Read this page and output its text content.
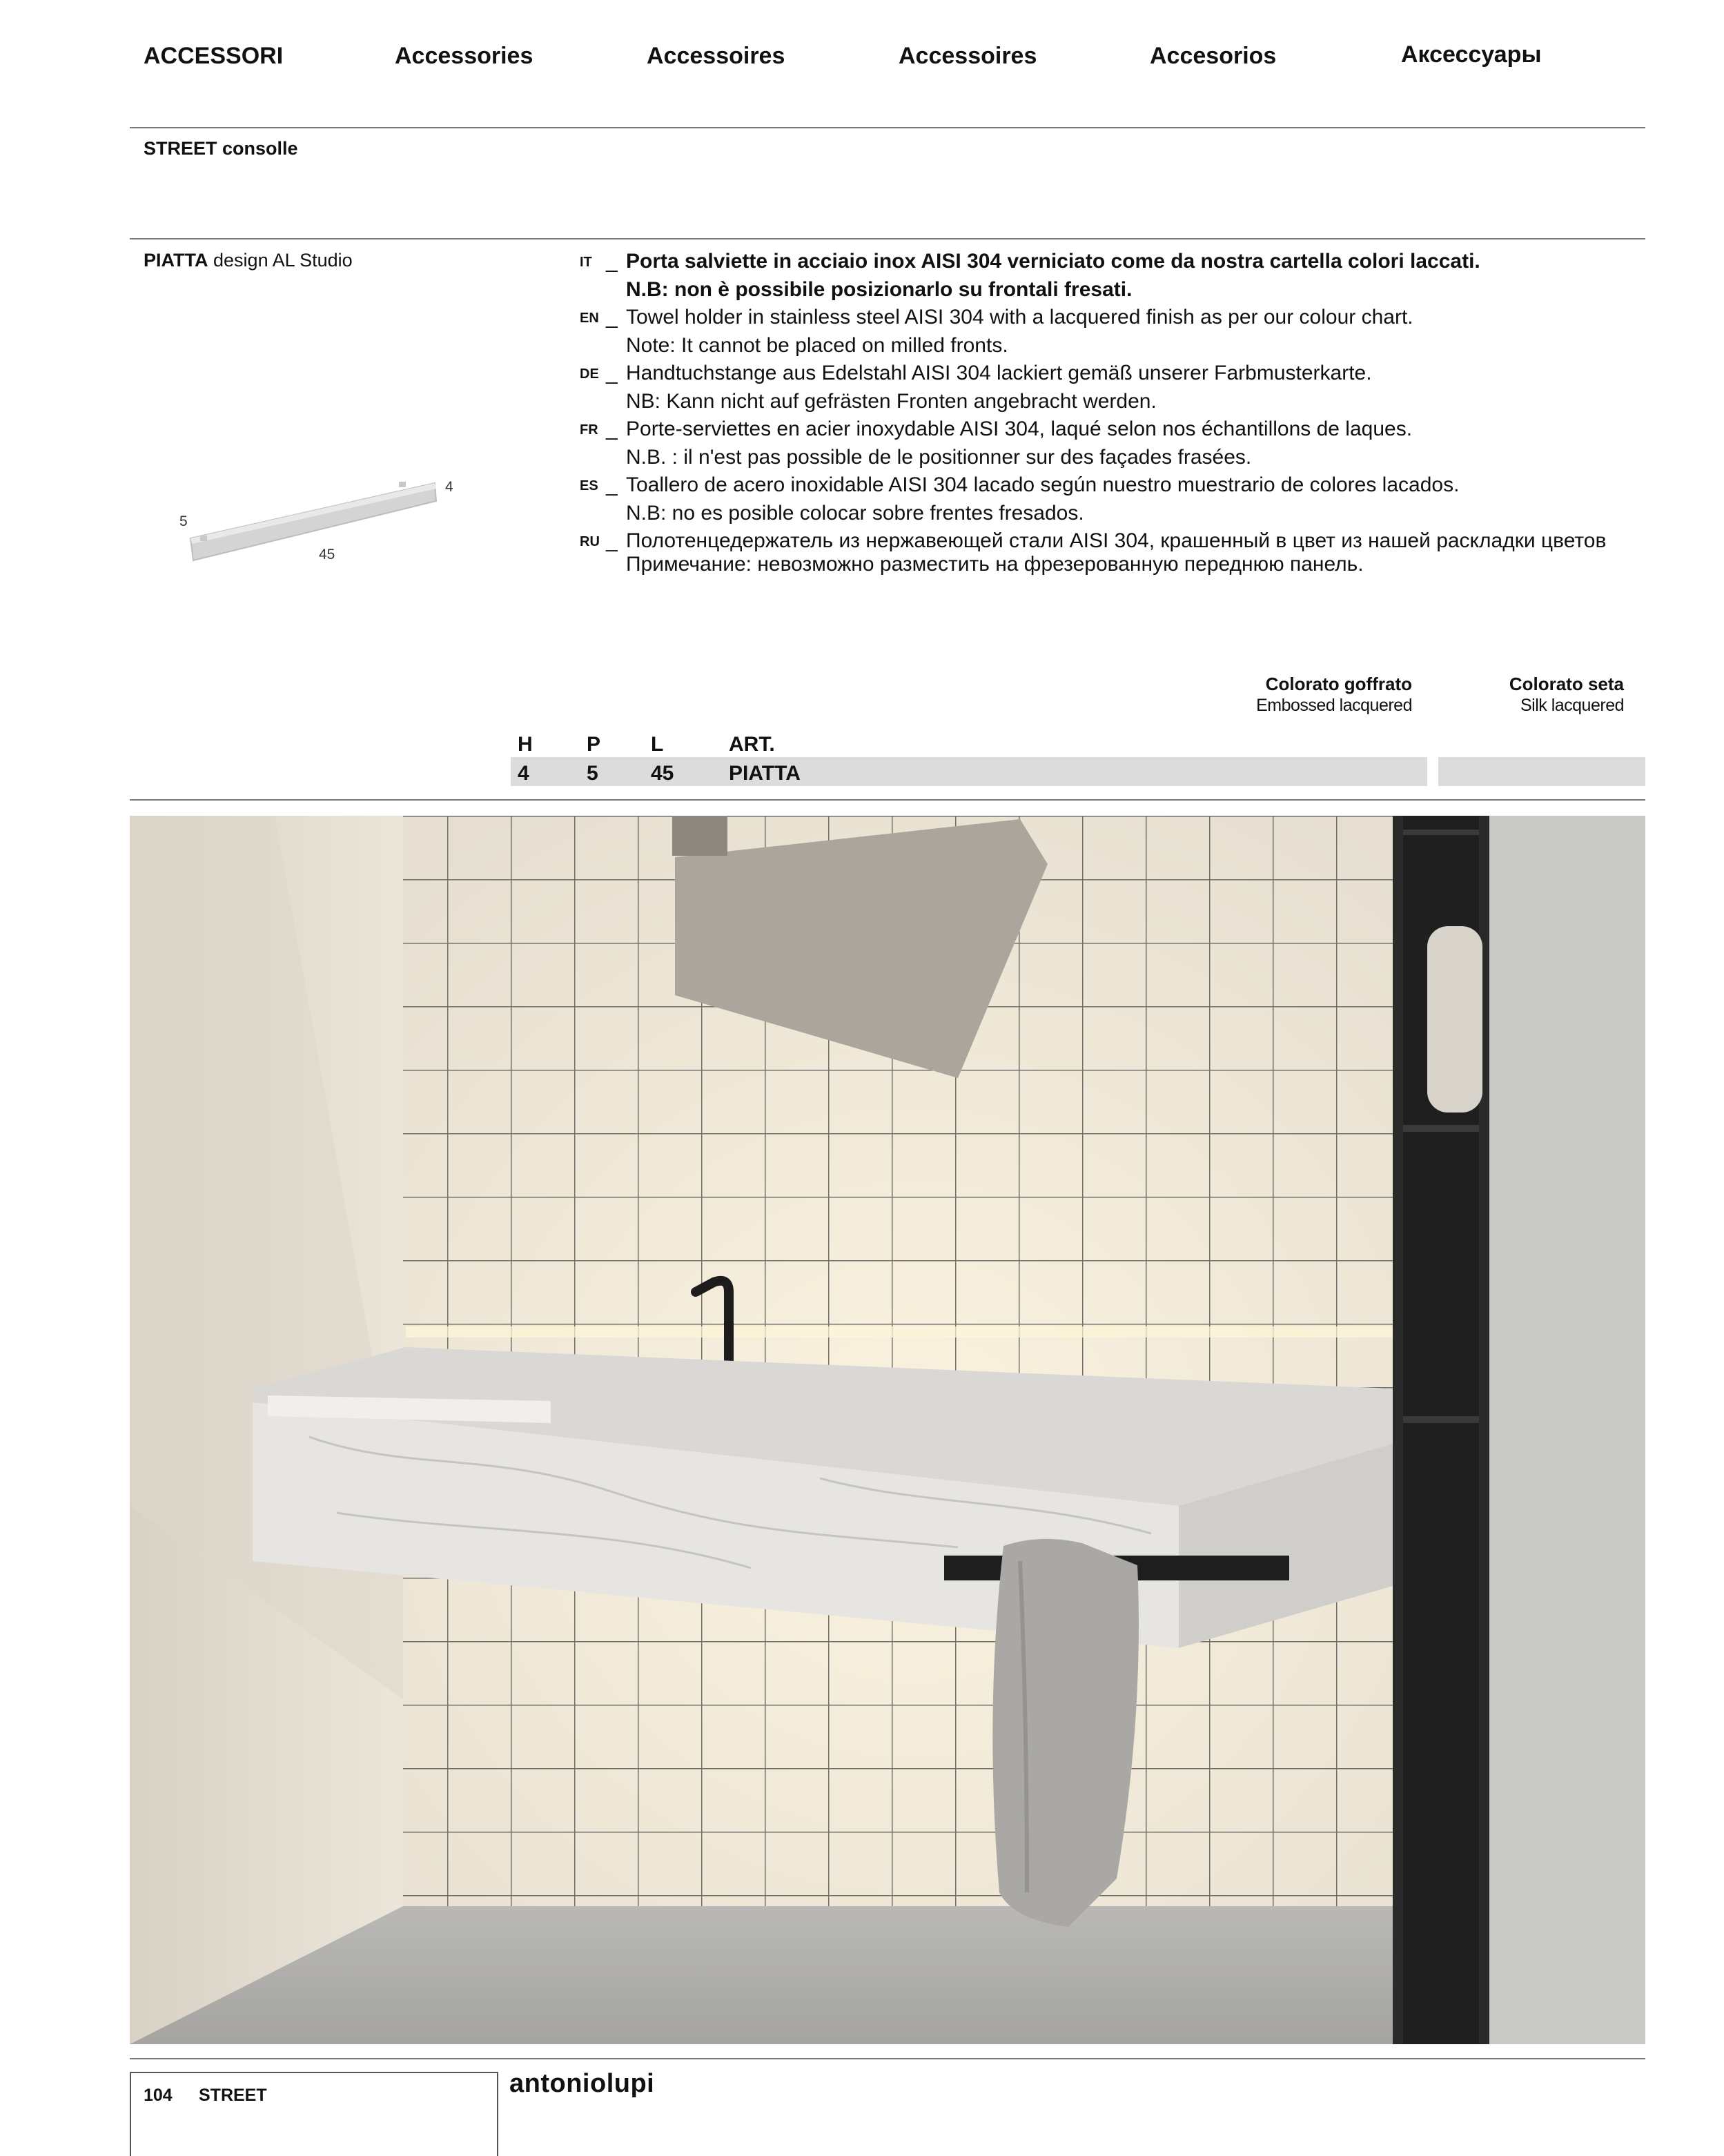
ACCESSORI	Accessories	Accessoires	Accessoires	Accesorios	Аксессуары
STREET consolle
PIATTA design AL Studio
4
5
45
IT _ Porta salviette in acciaio inox AISI 304 verniciato come da nostra cartella colori laccati.
N.B: non è possibile posizionarlo su frontali fresati.
EN _ Towel holder in stainless steel AISI 304 with a lacquered finish as per our colour chart.
Note: It cannot be placed on milled fronts.
DE _ Handtuchstange aus Edelstahl AISI 304 lackiert gemäß unserer Farbmusterkarte.
NB: Kann nicht auf gefrästen Fronten angebracht werden.
FR _ Porte-serviettes en acier inoxydable AISI 304, laqué selon nos échantillons de laques.
N.B. : il n'est pas possible de le positionner sur des façades frasées.
ES _ Toallero de acero inoxidable AISI 304 lacado según nuestro muestrario de colores lacados.
N.B: no es posible colocar sobre frentes fresados.
RU _ Полотенцедержатель из нержавеющей стали AISI 304, крашенный в цвет из нашей раскладки цветов
Примечание: невозможно разместить на фрезерованную переднюю панель.
Colorato goffrato
Embossed lacquered
Colorato seta
Silk lacquered
H	P L	ART.
4	5	45	PIATTA
104 STREET	antoniolupi
